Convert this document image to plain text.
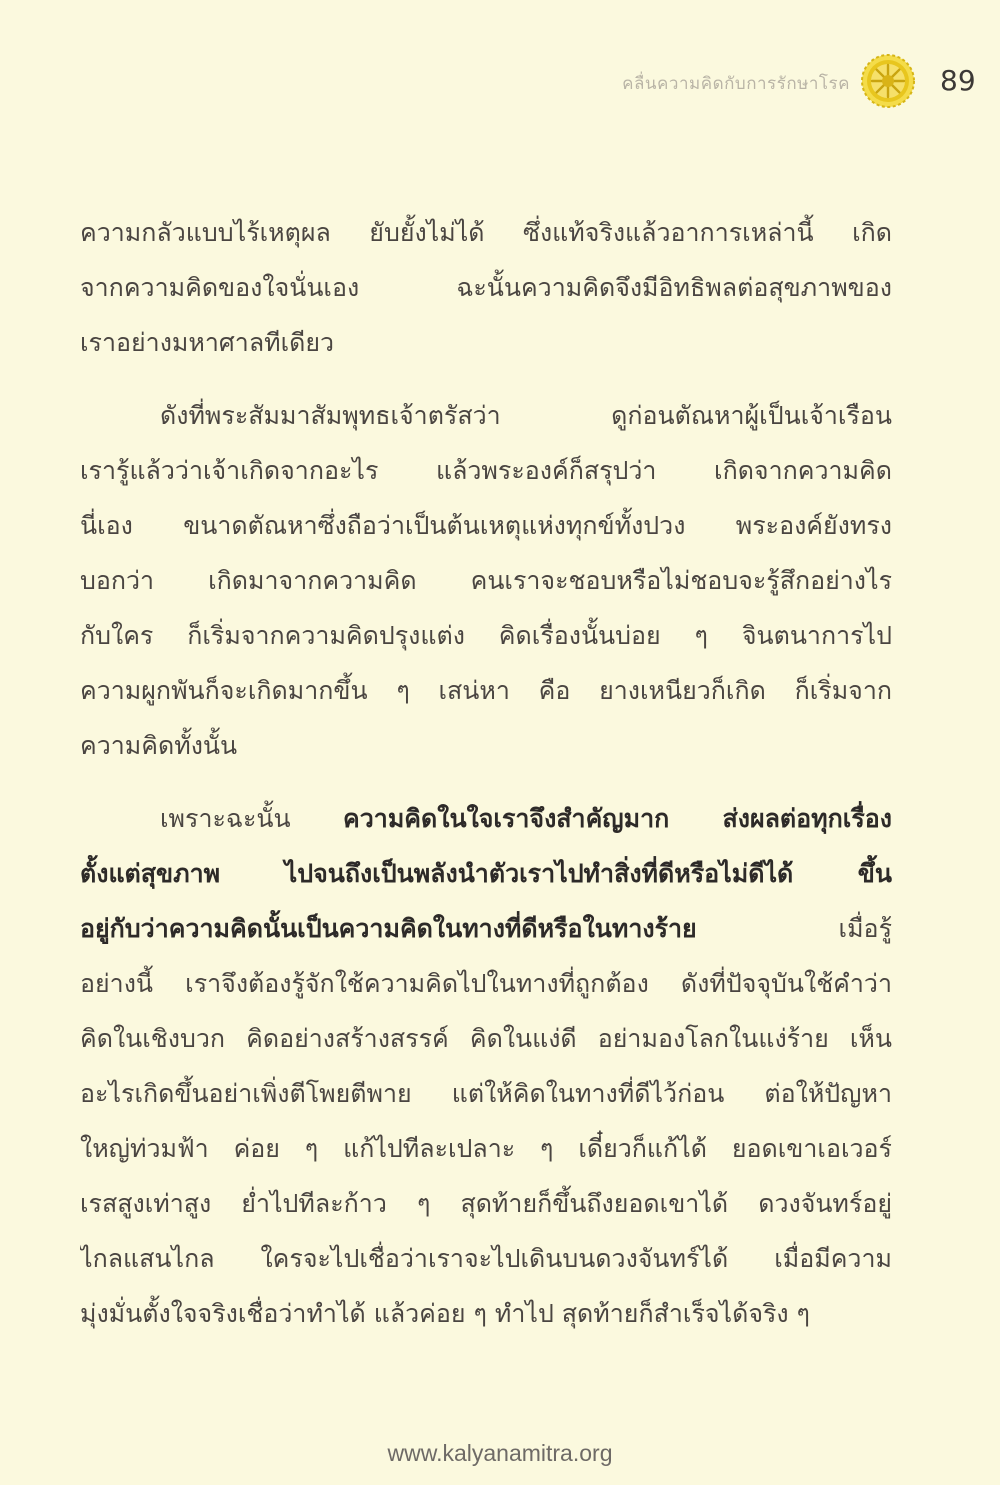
คลื่นความคิดกับการรักษาโรค	89
ความกลัวแบบไร้เหตุผล ยับยั้งไม่ได้ ซึ่งแท้จริงแล้วอาการเหล่านี้ เกิด
จากความคิดของใจนั่นเอง ฉะนั้นความคิดจึงมีอิทธิพลต่อสุขภาพของ
เราอย่างมหาศาลทีเดียว
ดังที่พระสัมมาสัมพุทธเจ้าตรัสว่า ดูก่อนตัณหาผู้เป็นเจ้าเรือน
เรารู้แล้วว่าเจ้าเกิดจากอะไร แล้วพระองค์ก็สรุปว่า เกิดจากความคิด
นี่เอง ขนาดตัณหาซึ่งถือว่าเป็นต้นเหตุแห่งทุกข์ทั้งปวง พระองค์ยังทรง
บอกว่า เกิดมาจากความคิด คนเราจะชอบหรือไม่ชอบจะรู้สึกอย่างไร
กับใคร ก็เริ่มจากความคิดปรุงแต่ง คิดเรื่องนั้นบ่อย ๆ จินตนาการไป
ความผูกพันก็จะเกิดมากขึ้น ๆ เสน่หา คือ ยางเหนียวก็เกิด ก็เริ่มจาก
ความคิดทั้งนั้น
เพราะฉะนั้น ความคิดในใจเราจึงสำคัญมาก ส่งผลต่อทุกเรื่อง
ตั้งแต่สุขภาพ ไปจนถึงเป็นพลังนำตัวเราไปทำสิ่งที่ดีหรือไม่ดีได้ ขึ้น
อยู่กับว่าความคิดนั้นเป็นความคิดในทางที่ดีหรือในทางร้าย เมื่อรู้
อย่างนี้ เราจึงต้องรู้จักใช้ความคิดไปในทางที่ถูกต้อง ดังที่ปัจจุบันใช้คำว่า
คิดในเชิงบวก คิดอย่างสร้างสรรค์ คิดในแง่ดี อย่ามองโลกในแง่ร้าย เห็น
อะไรเกิดขึ้นอย่าเพิ่งตีโพยตีพาย แต่ให้คิดในทางที่ดีไว้ก่อน ต่อให้ปัญหา
ใหญ่ท่วมฟ้า ค่อย ๆ แก้ไปทีละเปลาะ ๆ เดี๋ยวก็แก้ได้ ยอดเขาเอเวอร์
เรสสูงเท่าสูง ย่ำไปทีละก้าว ๆ สุดท้ายก็ขึ้นถึงยอดเขาได้ ดวงจันทร์อยู่
ไกลแสนไกล ใครจะไปเชื่อว่าเราจะไปเดินบนดวงจันทร์ได้ เมื่อมีความ
มุ่งมั่นตั้งใจจริงเชื่อว่าทำได้ แล้วค่อย ๆ ทำไป สุดท้ายก็สำเร็จได้จริง ๆ
www.kalyanamitra.org
